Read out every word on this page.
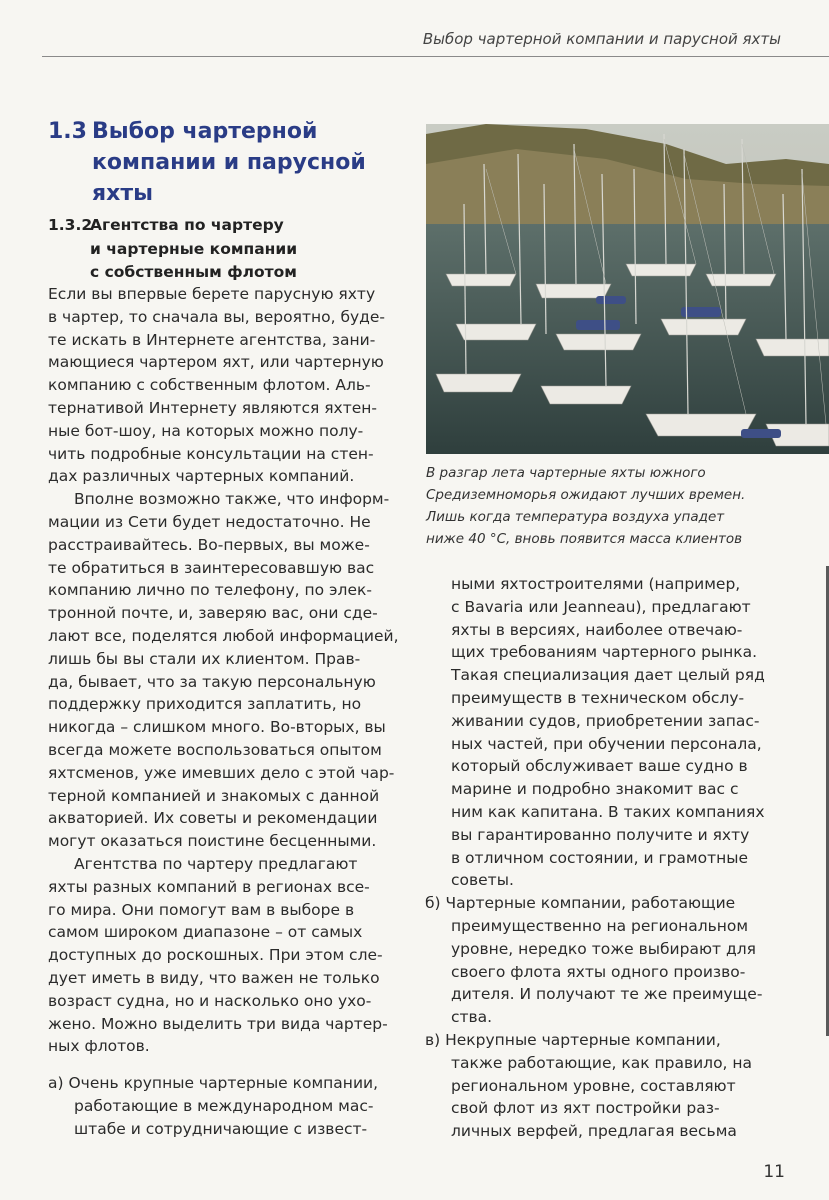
Выбор чартерной компании и парусной яхты
1.3 Выбор чартерной
компании и парусной
яхты
1.3.2
Агентства по чартеру
и чартерные компании
с собственным флотом

Если вы впервые берете парусную яхту

в чартер, то сначала вы, вероятно, буде-

те искать в Интернете агентства, зани-

мающиеся чартером яхт, или чартерную

компанию с собственным флотом. Аль-

тернативой Интернету являются яхтен-

ные бот-шоу, на которых можно полу-

чить подробные консультации на стен-

дах различных чартерных компаний.

Вполне возможно также, что информ-

мации из Сети будет недостаточно. Не

расстраивайтесь. Во-первых, вы може-

те обратиться в заинтересовавшую вас

компанию лично по телефону, по элек-

тронной почте, и, заверяю вас, они сде-

лают все, поделятся любой информацией,

лишь бы вы стали их клиентом. Прав-

да, бывает, что за такую персональную

поддержку приходится заплатить, но

никогда – слишком много. Во-вторых, вы

всегда можете воспользоваться опытом

яхтсменов, уже имевших дело с этой чар-

терной компанией и знакомых с данной

акваторией. Их советы и рекомендации

могут оказаться поистине бесценными.

Агентства по чартеру предлагают

яхты разных компаний в регионах все-

го мира. Они помогут вам в выборе в

самом широком диапазоне – от самых

доступных до роскошных. При этом сле-

дует иметь в виду, что важен не только

возраст судна, но и насколько оно ухо-

жено. Можно выделить три вида чартер-

ных флотов.

а) Очень крупные чартерные компании,

работающие в международном мас-

штабе и сотрудничающие с извест-

В разгар лета чартерные яхты южного

Средиземноморья ожидают лучших времен.

Лишь когда температура воздуха упадет

ниже 40 °С, вновь появится масса клиентов

ными яхтостроителями (например,

с Bavaria или Jeanneau), предлагают

яхты в версиях, наиболее отвечаю-

щих требованиям чартерного рынка.

Такая специализация дает целый ряд

преимуществ в техническом обслу-

живании судов, приобретении запас-

ных частей, при обучении персонала,

который обслуживает ваше судно в

марине и подробно знакомит вас с

ним как капитана. В таких компаниях

вы гарантированно получите и яхту

в отличном состоянии, и грамотные

советы.

б) Чартерные компании, работающие

преимущественно на региональном

уровне, нередко тоже выбирают для

своего флота яхты одного произво-

дителя. И получают те же преимуще-

ства.

в) Некрупные чартерные компании,

также работающие, как правило, на

региональном уровне, составляют

свой флот из яхт постройки раз-

личных верфей, предлагая весьма

11
